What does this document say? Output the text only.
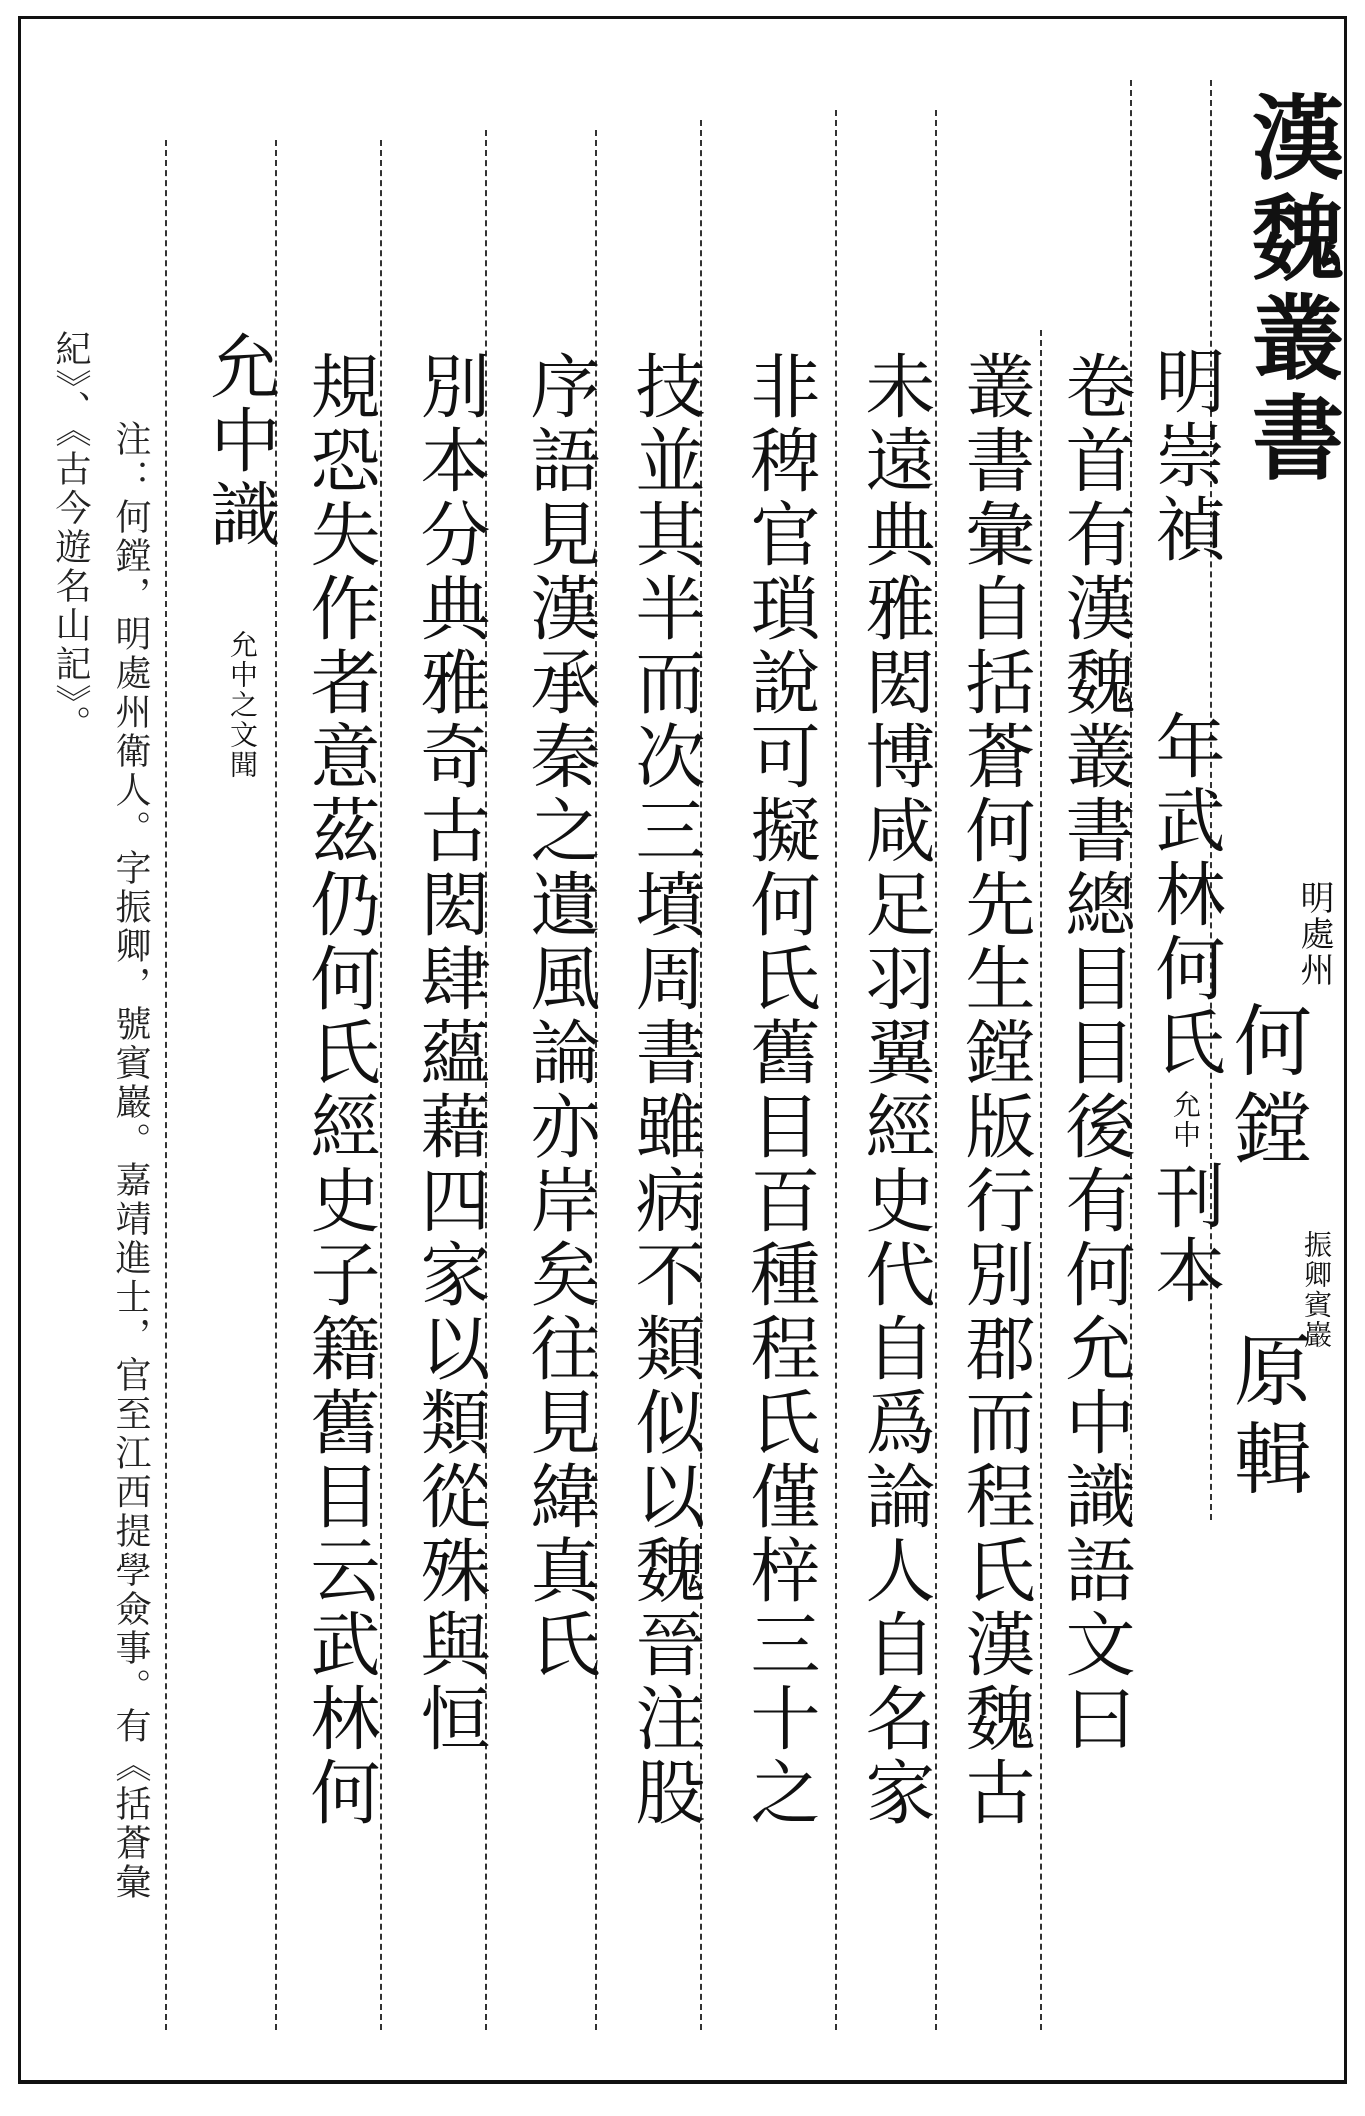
漢魏叢書
明處州
何鏜
振卿賓巖
原輯
明崇禎
年武林何氏
允中
刊本
卷首有漢魏叢書總目目後有何允中識語文曰
叢書彙自括蒼何先生鏜版行別郡而程氏漢魏古
未遠典雅閎博咸足羽翼經史代自爲論人自名家
非稗官瑣說可擬何氏舊目百種程氏僅梓三十之
技並其半而次三墳周書雖病不類似以魏晉注股
序語見漢承秦之遺風論亦岸矣往見緯真氏
別本分典雅奇古閎肆蘊藉四家以類從殊與恒
規恐失作者意茲仍何氏經史子籍舊目云武林何
允中識
允中之文聞
注：何鏜，明處州衛人。字振卿，號賓巖。嘉靖進士，官至江西提學僉事。有《括蒼彙
紀》、《古今遊名山記》。
